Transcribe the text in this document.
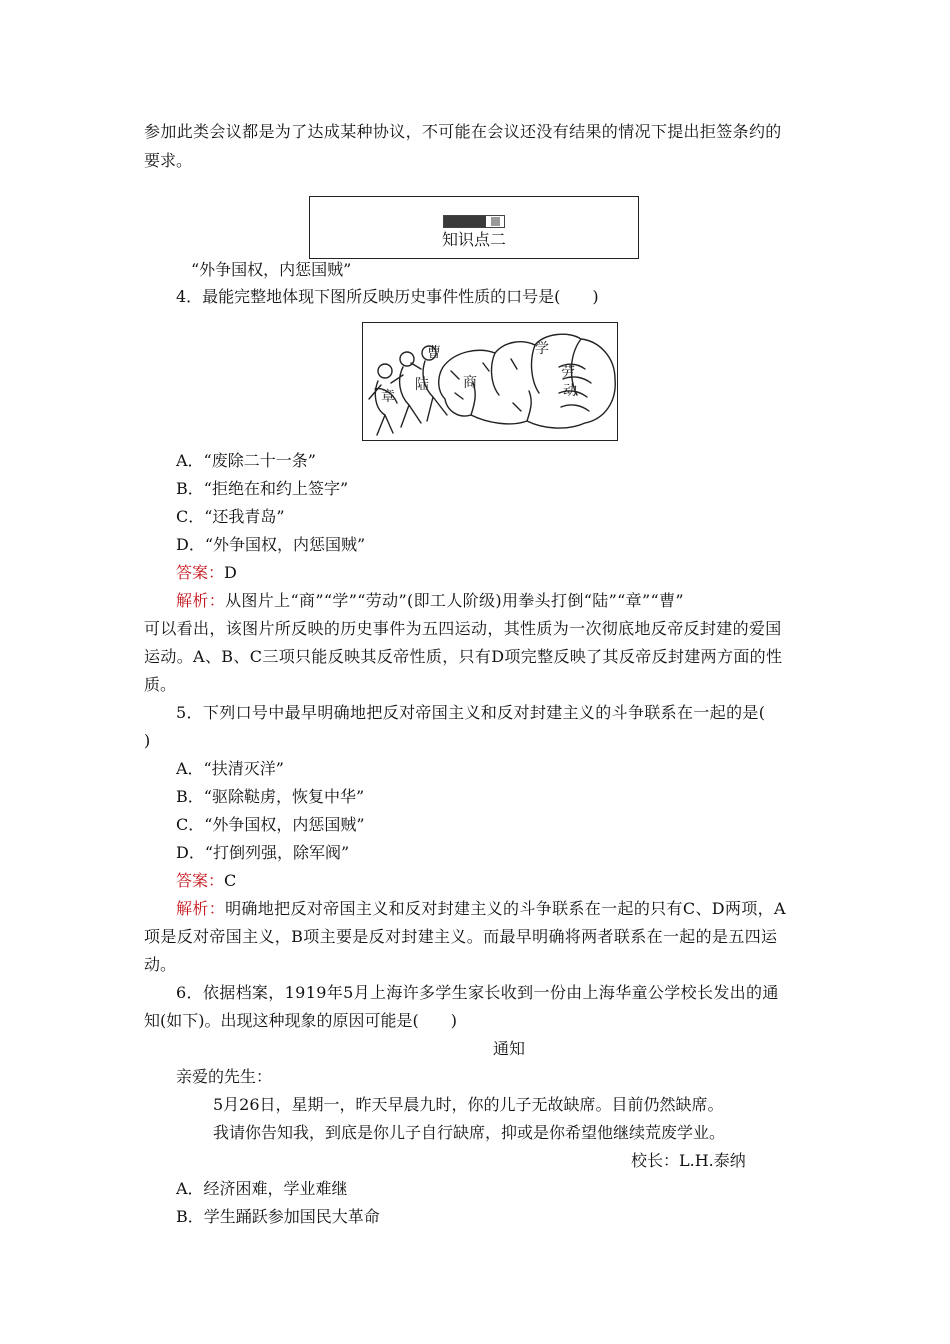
参加此类会议都是为了达成某种协议，不可能在会议还没有结果的情况下提出拒签条约的
要求。
知识点二
“外争国权，内惩国贼”
4．最能完整地体现下图所反映历史事件性质的口号是(　　)
章
陆
曹
商
学
劳
动
A．“废除二十一条”
B．“拒绝在和约上签字”
C．“还我青岛”
D．“外争国权，内惩国贼”
答案：D
解析：从图片上“商”“学”“劳动”(即工人阶级)用拳头打倒“陆”“章”“曹”
可以看出，该图片所反映的历史事件为五四运动，其性质为一次彻底地反帝反封建的爱国
运动。A、B、C三项只能反映其反帝性质，只有D项完整反映了其反帝反封建两方面的性
质。
5．下列口号中最早明确地把反对帝国主义和反对封建主义的斗争联系在一起的是(
)
A．“扶清灭洋”
B．“驱除鞑虏，恢复中华”
C．“外争国权，内惩国贼”
D．“打倒列强，除军阀”
答案：C
解析：明确地把反对帝国主义和反对封建主义的斗争联系在一起的只有C、D两项，A
项是反对帝国主义，B项主要是反对封建主义。而最早明确将两者联系在一起的是五四运
动。
6．依据档案，1919年5月上海许多学生家长收到一份由上海华童公学校长发出的通
知(如下)。出现这种现象的原因可能是(　　)
通知
亲爱的先生：
5月26日，星期一，昨天早晨九时，你的儿子无故缺席。目前仍然缺席。
我请你告知我，到底是你儿子自行缺席，抑或是你希望他继续荒废学业。
校长：L.H.泰纳
A．经济困难，学业难继
B．学生踊跃参加国民大革命
